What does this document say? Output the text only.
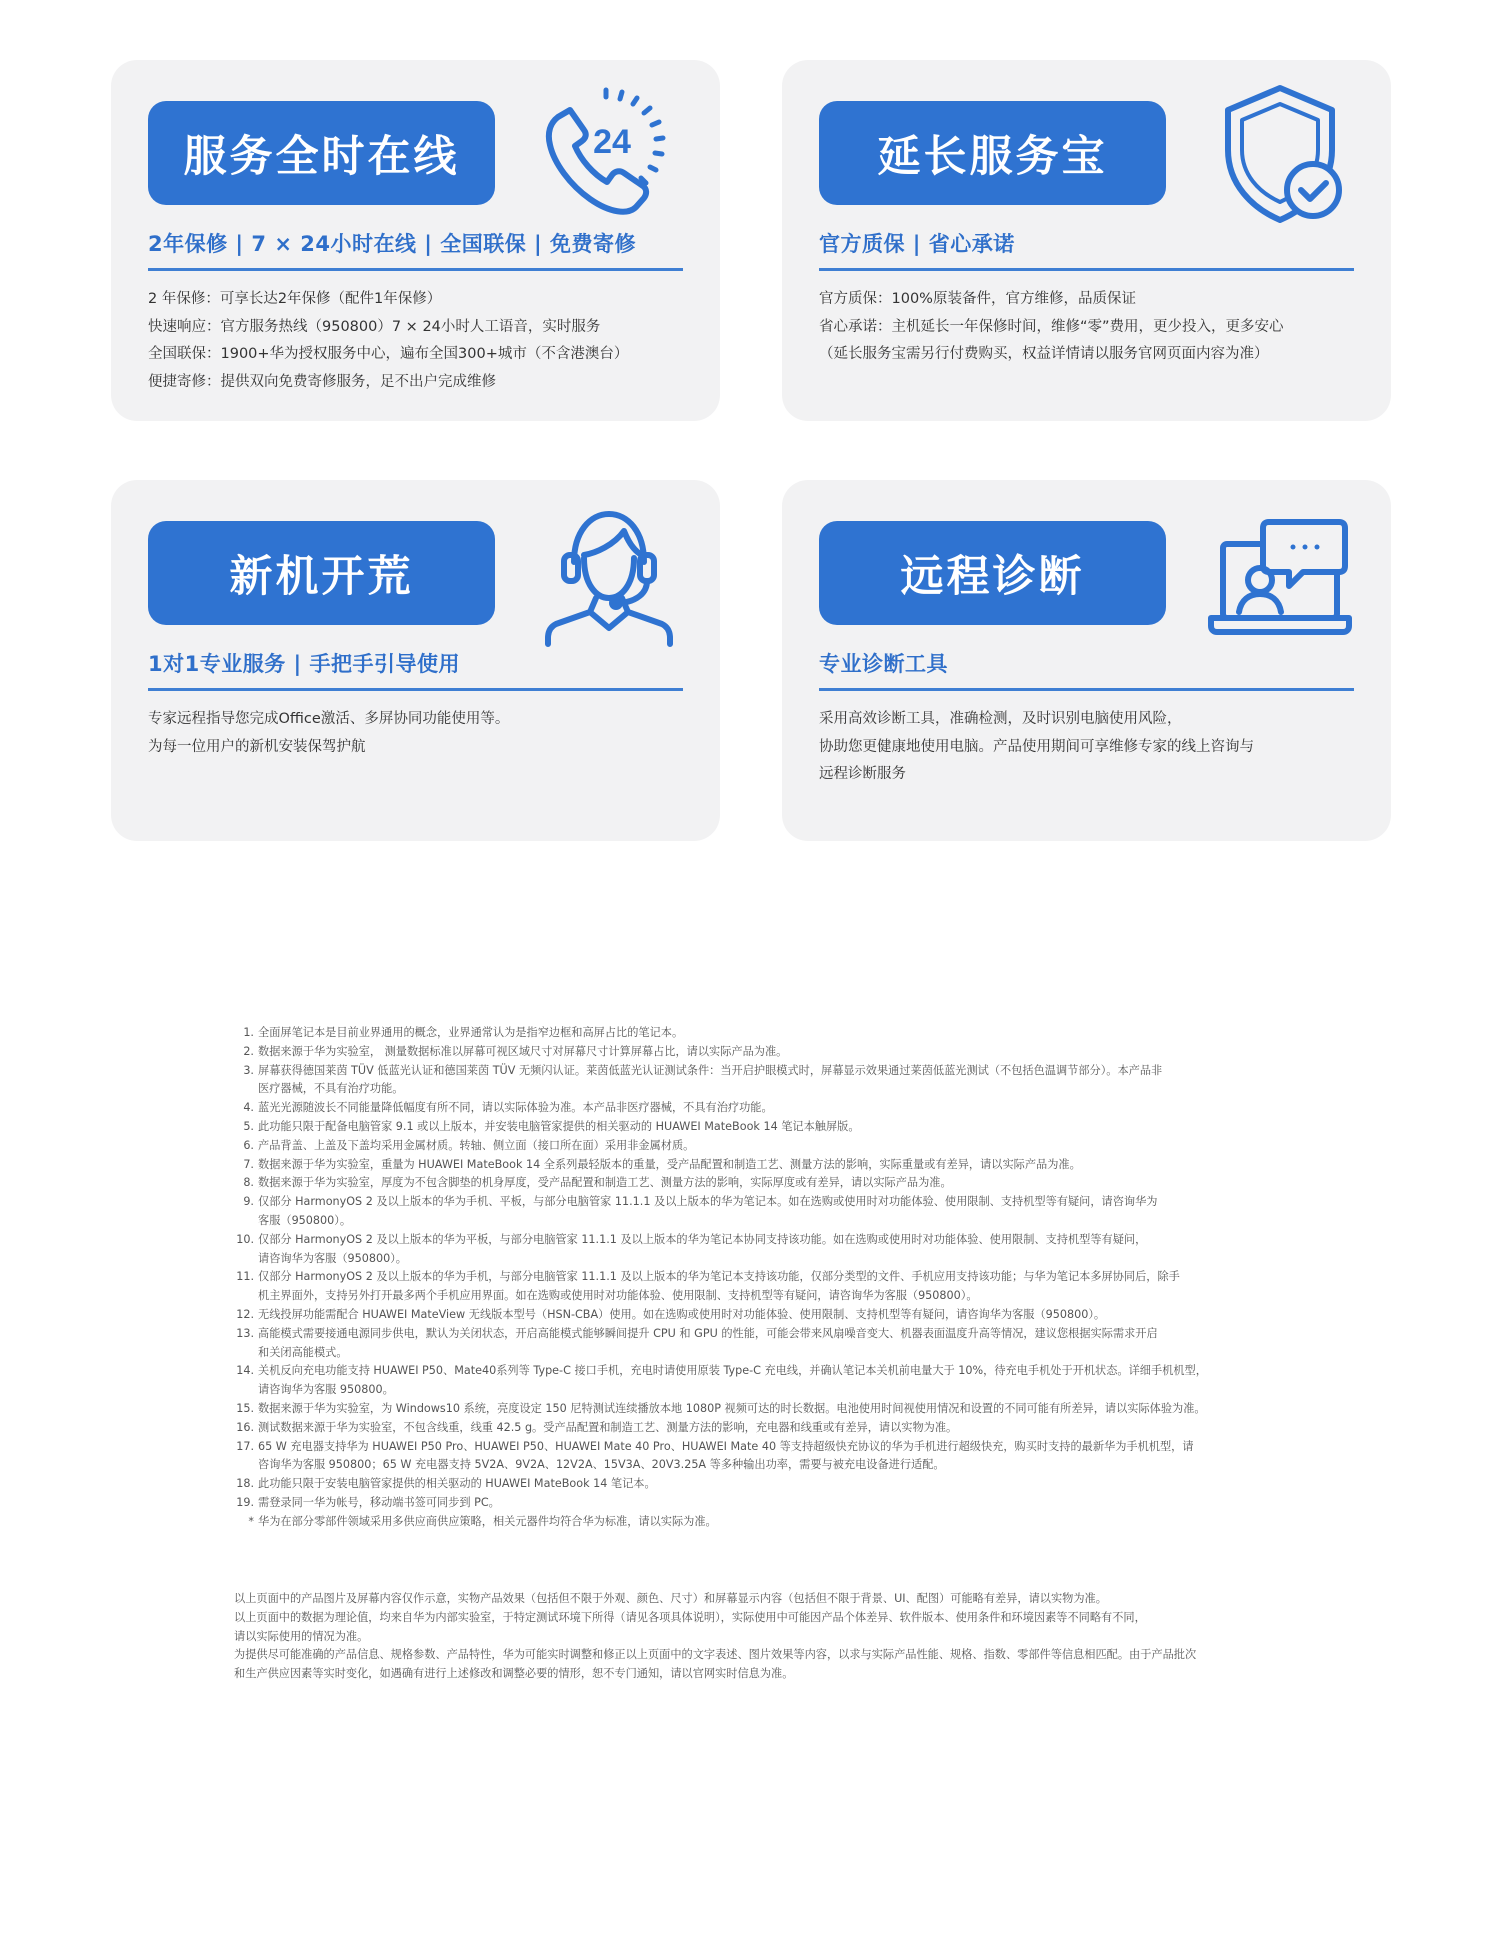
服务全时在线	24
2年保修 | 7 × 24小时在线 | 全国联保 | 免费寄修
2 年保修：可享长达2年保修（配件1年保修）
快速响应：官方服务热线（950800）7 × 24小时人工语音，实时服务
全国联保：1900+华为授权服务中心，遍布全国300+城市（不含港澳台）
便捷寄修：提供双向免费寄修服务，足不出户完成维修
延长服务宝
官方质保 | 省心承诺
官方质保：100%原装备件，官方维修，品质保证
省心承诺：主机延长一年保修时间，维修“零”费用，更少投入，更多安心
（延长服务宝需另行付费购买，权益详情请以服务官网页面内容为准）
新机开荒
1对1专业服务 | 手把手引导使用
专家远程指导您完成Office激活、多屏协同功能使用等。
为每一位用户的新机安装保驾护航
远程诊断
专业诊断工具
采用高效诊断工具，准确检测，及时识别电脑使用风险，
协助您更健康地使用电脑。产品使用期间可享维修专家的线上咨询与
远程诊断服务
1. 全面屏笔记本是目前业界通用的概念，业界通常认为是指窄边框和高屏占比的笔记本。
2. 数据来源于华为实验室， 测量数据标准以屏幕可视区域尺寸对屏幕尺寸计算屏幕占比，请以实际产品为准。
3. 屏幕获得德国莱茵 TÜV 低蓝光认证和德国莱茵 TÜV 无频闪认证。莱茵低蓝光认证测试条件：当开启护眼模式时，屏幕显示效果通过莱茵低蓝光测试（不包括色温调节部分）。本产品非
医疗器械，不具有治疗功能。
4. 蓝光光源随波长不同能量降低幅度有所不同，请以实际体验为准。本产品非医疗器械，不具有治疗功能。
5. 此功能只限于配备电脑管家 9.1 或以上版本，并安装电脑管家提供的相关驱动的 HUAWEI MateBook 14 笔记本触屏版。
6. 产品背盖、上盖及下盖均采用金属材质。转轴、侧立面（接口所在面）采用非金属材质。
7. 数据来源于华为实验室，重量为 HUAWEI MateBook 14 全系列最轻版本的重量，受产品配置和制造工艺、测量方法的影响，实际重量或有差异，请以实际产品为准。
8. 数据来源于华为实验室，厚度为不包含脚垫的机身厚度，受产品配置和制造工艺、测量方法的影响，实际厚度或有差异，请以实际产品为准。
9. 仅部分 HarmonyOS 2 及以上版本的华为手机、平板，与部分电脑管家 11.1.1 及以上版本的华为笔记本。如在选购或使用时对功能体验、使用限制、支持机型等有疑问，请咨询华为
客服（950800）。
10. 仅部分 HarmonyOS 2 及以上版本的华为平板，与部分电脑管家 11.1.1 及以上版本的华为笔记本协同支持该功能。如在选购或使用时对功能体验、使用限制、支持机型等有疑问，
请咨询华为客服（950800）。
11. 仅部分 HarmonyOS 2 及以上版本的华为手机，与部分电脑管家 11.1.1 及以上版本的华为笔记本支持该功能，仅部分类型的文件、手机应用支持该功能；与华为笔记本多屏协同后，除手
机主界面外，支持另外打开最多两个手机应用界面。如在选购或使用时对功能体验、使用限制、支持机型等有疑问，请咨询华为客服（950800）。
12. 无线投屏功能需配合 HUAWEI MateView 无线版本型号（HSN-CBA）使用。如在选购或使用时对功能体验、使用限制、支持机型等有疑问，请咨询华为客服（950800）。
13. 高能模式需要接通电源同步供电，默认为关闭状态，开启高能模式能够瞬间提升 CPU 和 GPU 的性能，可能会带来风扇噪音变大、机器表面温度升高等情况，建议您根据实际需求开启
和关闭高能模式。
14. 关机反向充电功能支持 HUAWEI P50、Mate40系列等 Type-C 接口手机，充电时请使用原装 Type-C 充电线，并确认笔记本关机前电量大于 10%，待充电手机处于开机状态。详细手机机型，
请咨询华为客服 950800。
15. 数据来源于华为实验室，为 Windows10 系统，亮度设定 150 尼特测试连续播放本地 1080P 视频可达的时长数据。电池使用时间视使用情况和设置的不同可能有所差异，请以实际体验为准。
16. 测试数据来源于华为实验室，不包含线重，线重 42.5 g。受产品配置和制造工艺、测量方法的影响，充电器和线重或有差异，请以实物为准。
17. 65 W 充电器支持华为 HUAWEI P50 Pro、HUAWEI P50、HUAWEI Mate 40 Pro、HUAWEI Mate 40 等支持超级快充协议的华为手机进行超级快充，购买时支持的最新华为手机机型，请
咨询华为客服 950800；65 W 充电器支持 5V2A、9V2A、12V2A、15V3A、20V3.25A 等多种输出功率，需要与被充电设备进行适配。
18. 此功能只限于安装电脑管家提供的相关驱动的 HUAWEI MateBook 14 笔记本。
19. 需登录同一华为帐号，移动端书签可同步到 PC。
* 华为在部分零部件领域采用多供应商供应策略，相关元器件均符合华为标准，请以实际为准。
以上页面中的产品图片及屏幕内容仅作示意，实物产品效果（包括但不限于外观、颜色、尺寸）和屏幕显示内容（包括但不限于背景、UI、配图）可能略有差异，请以实物为准。
以上页面中的数据为理论值，均来自华为内部实验室，于特定测试环境下所得（请见各项具体说明），实际使用中可能因产品个体差异、软件版本、使用条件和环境因素等不同略有不同，
请以实际使用的情况为准。
为提供尽可能准确的产品信息、规格参数、产品特性，华为可能实时调整和修正以上页面中的文字表述、图片效果等内容，以求与实际产品性能、规格、指数、零部件等信息相匹配。由于产品批次
和生产供应因素等实时变化，如遇确有进行上述修改和调整必要的情形，恕不专门通知，请以官网实时信息为准。
